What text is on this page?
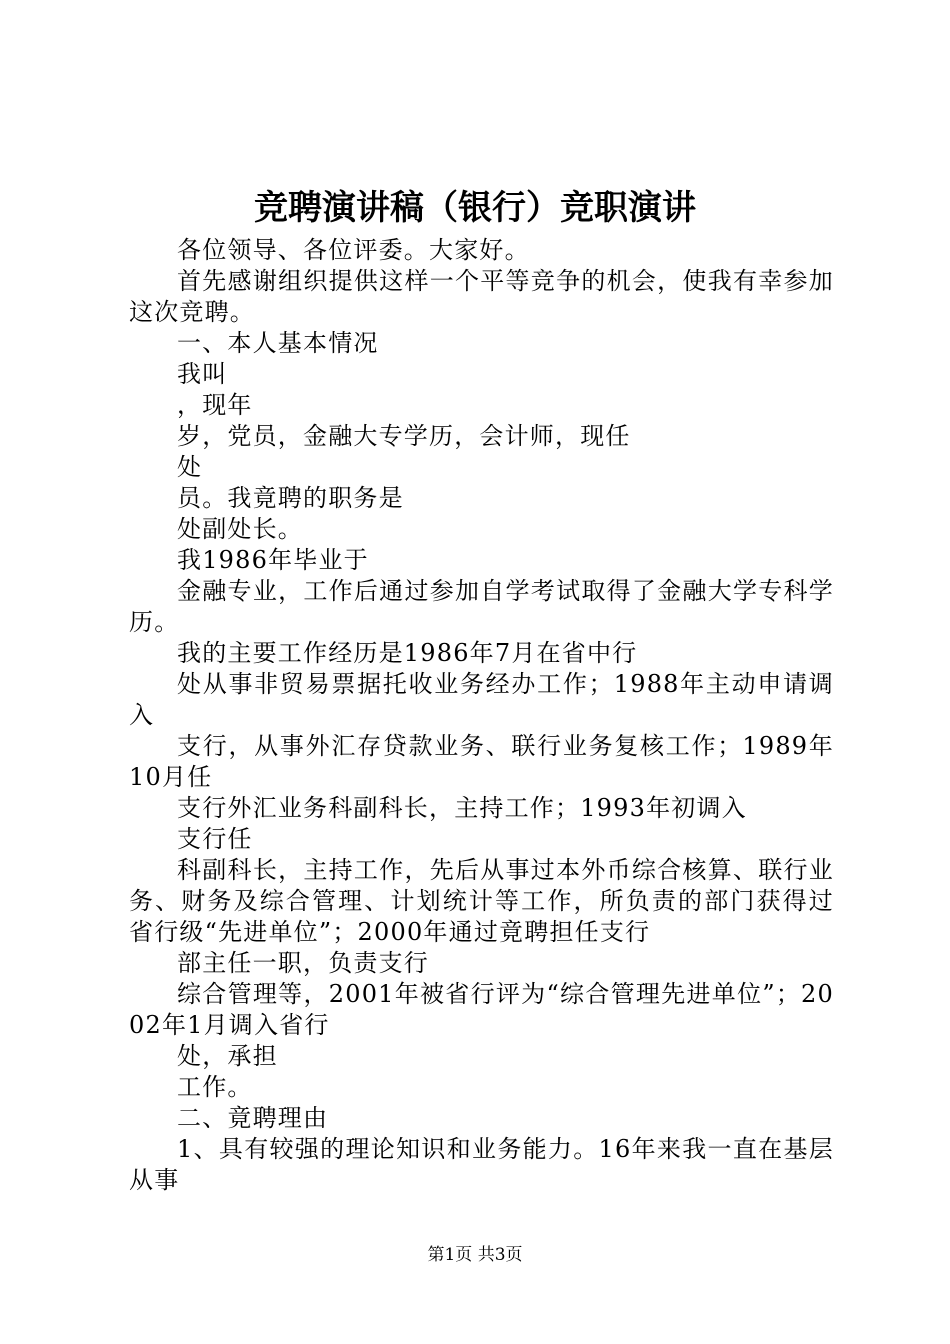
竞聘演讲稿（银行）竞职演讲

各位领导、各位评委。大家好。

首先感谢组织提供这样一个平等竞争的机会，使我有幸参加这次竞聘。

一、本人基本情况

我叫

，现年

岁，党员，金融大专学历，会计师，现任

处

员。我竟聘的职务是

处副处长。

我1986年毕业于

金融专业，工作后通过参加自学考试取得了金融大学专科学历。

我的主要工作经历是1986年7月在省中行

处从事非贸易票据托收业务经办工作；1988年主动申请调入

支行，从事外汇存贷款业务、联行业务复核工作；1989年10月任

支行外汇业务科副科长，主持工作；1993年初调入

支行任

科副科长，主持工作，先后从事过本外币综合核算、联行业务、财务及综合管理、计划统计等工作，所负责的部门获得过省行级“先进单位”；2000年通过竟聘担任支行

部主任一职，负责支行

综合管理等，2001年被省行评为“综合管理先进单位”；2002年1月调入省行

处，承担

工作。

二、竟聘理由

1、具有较强的理论知识和业务能力。16年来我一直在基层从事

第1页 共3页
